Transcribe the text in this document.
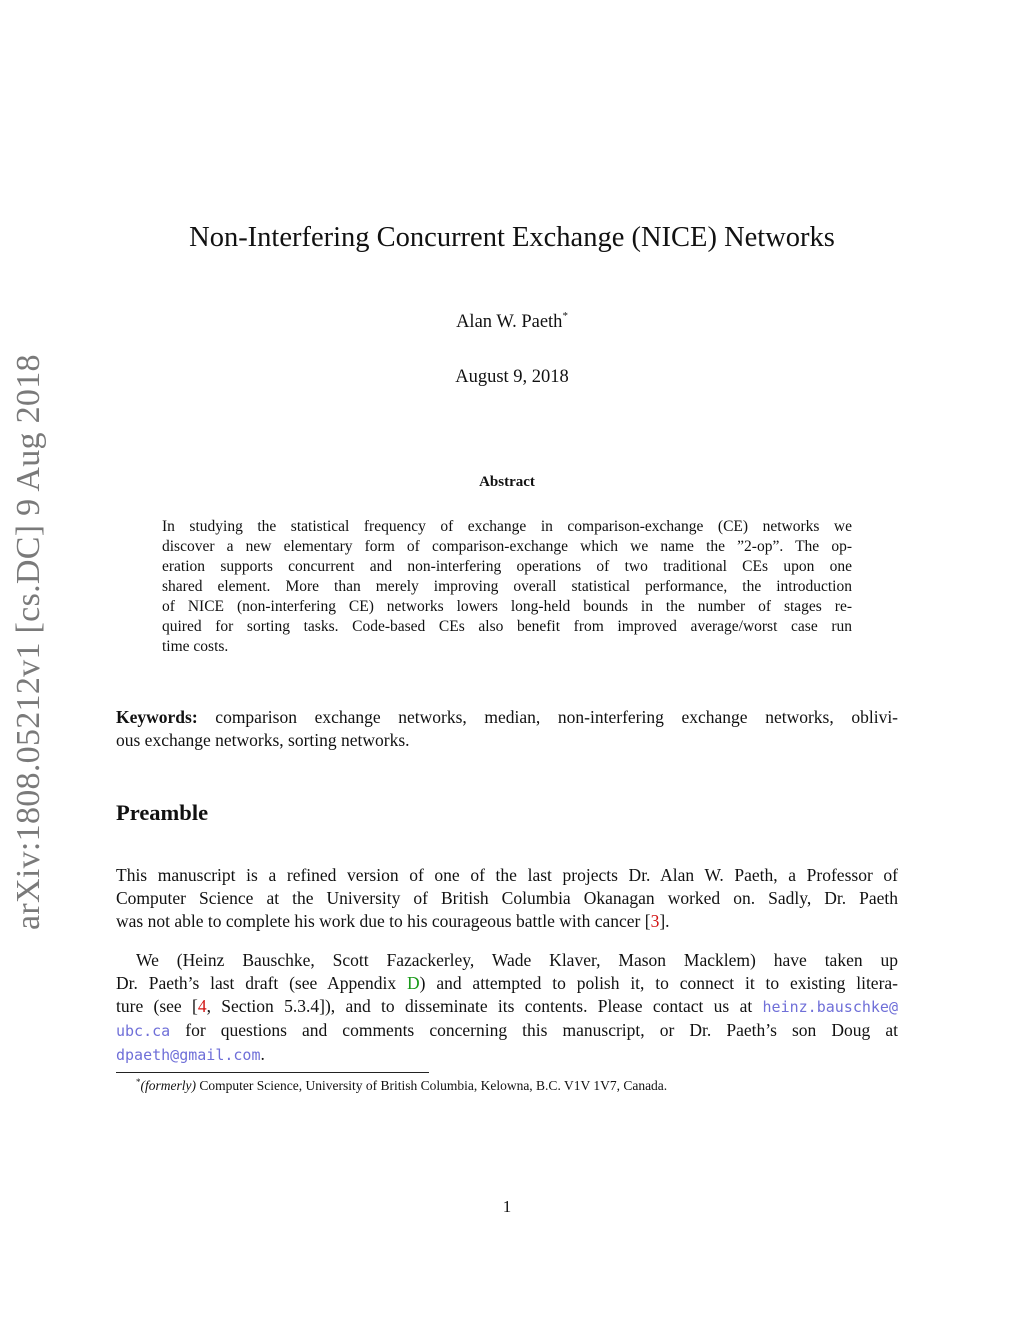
arXiv:1808.05212v1 [cs.DC] 9 Aug 2018
Non-Interfering Concurrent Exchange (NICE) Networks
Alan W. Paeth*
August 9, 2018
Abstract
In studying the statistical frequency of exchange in comparison-exchange (CE) networks we
discover a new elementary form of comparison-exchange which we name the ”2-op”. The op-
eration supports concurrent and non-interfering operations of two traditional CEs upon one
shared element. More than merely improving overall statistical performance, the introduction
of NICE (non-interfering CE) networks lowers long-held bounds in the number of stages re-
quired for sorting tasks. Code-based CEs also benefit from improved average/worst case run
time costs.
Keywords: comparison exchange networks, median, non-interfering exchange networks, oblivi-
ous exchange networks, sorting networks.
Preamble
This manuscript is a refined version of one of the last projects Dr. Alan W. Paeth, a Professor of
Computer Science at the University of British Columbia Okanagan worked on. Sadly, Dr. Paeth
was not able to complete his work due to his courageous battle with cancer [3].
We (Heinz Bauschke, Scott Fazackerley, Wade Klaver, Mason Macklem) have taken up
Dr. Paeth’s last draft (see Appendix D) and attempted to polish it, to connect it to existing litera-
ture (see [4, Section 5.3.4]), and to disseminate its contents. Please contact us at heinz.bauschke@
ubc.ca for questions and comments concerning this manuscript, or Dr. Paeth’s son Doug at
dpaeth@gmail.com.
*(formerly) Computer Science, University of British Columbia, Kelowna, B.C. V1V 1V7, Canada.
1
